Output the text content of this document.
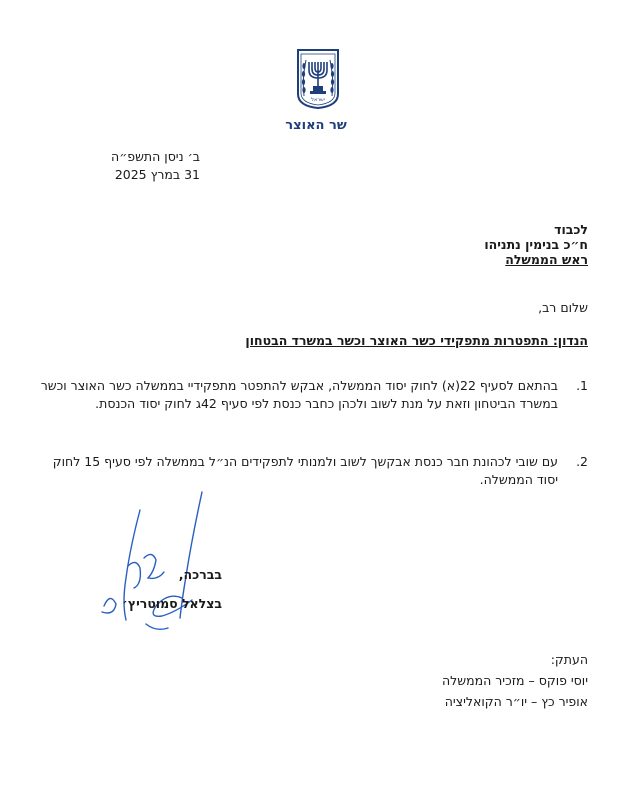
ישראל
שר האוצר
ב׳ ניסן התשפ״ה
31 במרץ 2025
לכבוד
ח״כ בנימין נתניהו
ראש הממשלה
שלום רב,
הנדון: התפטרות מתפקידי כשר האוצר וכשר במשרד הבטחון
1.
בהתאם לסעיף 22(א) לחוק יסוד הממשלה, אבקש להתפטר מתפקידיי בממשלה כשר האוצר וכשר במשרד הביטחון וזאת על מנת לשוב ולכהן כחבר כנסת לפי סעיף 42ג לחוק יסוד הכנסת.
2.
עם שובי לכהונת חבר כנסת אבקשך לשוב ולמנותי לתפקידים הנ״ל בממשלה לפי סעיף 15 לחוק יסוד הממשלה.
בברכה,
בצלאל סמוטריץ׳
העתק:
יוסי פוקס – מזכיר הממשלה
אופיר כץ – יו״ר הקואליציה
